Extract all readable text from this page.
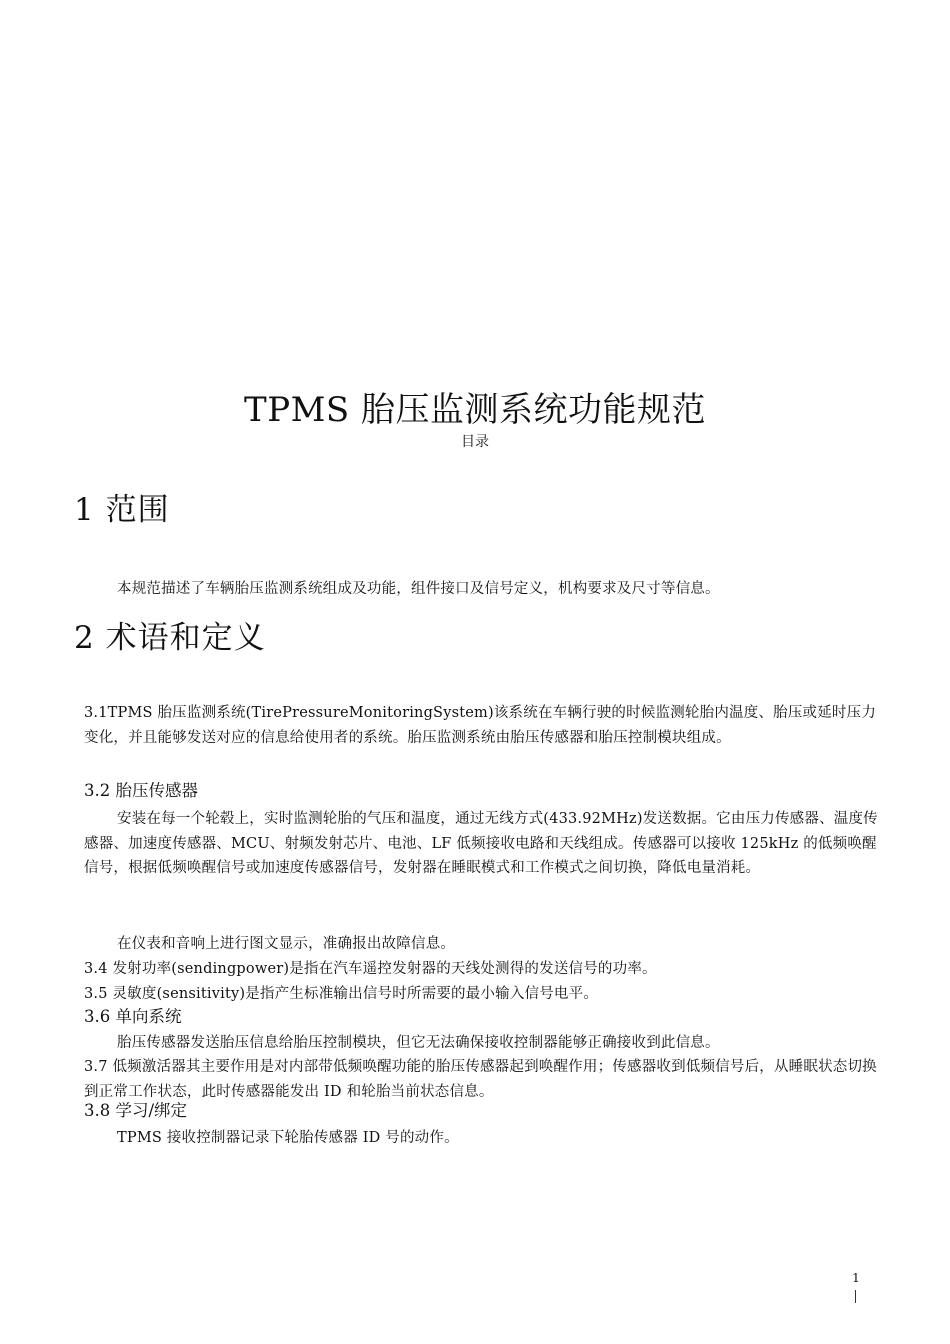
TPMS 胎压监测系统功能规范
目录
1 范围
本规范描述了车辆胎压监测系统组成及功能，组件接口及信号定义，机构要求及尺寸等信息。
2 术语和定义
3.1TPMS 胎压监测系统(TirePressureMonitoringSystem)该系统在车辆行驶的时候监测轮胎内温度、胎压或延时压力变化，并且能够发送对应的信息给使用者的系统。胎压监测系统由胎压传感器和胎压控制模块组成。
3.2 胎压传感器
安装在每一个轮毂上，实时监测轮胎的气压和温度，通过无线方式(433.92MHz)发送数据。它由压力传感器、温度传感器、加速度传感器、MCU、射频发射芯片、电池、LF 低频接收电路和天线组成。传感器可以接收 125kHz 的低频唤醒信号，根据低频唤醒信号或加速度传感器信号，发射器在睡眠模式和工作模式之间切换，降低电量消耗。
在仪表和音响上进行图文显示，准确报出故障信息。
3.4 发射功率(sendingpower)是指在汽车遥控发射器的天线处测得的发送信号的功率。
3.5 灵敏度(sensitivity)是指产生标准输出信号时所需要的最小输入信号电平。
3.6 单向系统
胎压传感器发送胎压信息给胎压控制模块，但它无法确保接收控制器能够正确接收到此信息。
3.7 低频激活器其主要作用是对内部带低频唤醒功能的胎压传感器起到唤醒作用；传感器收到低频信号后，从睡眠状态切换到正常工作状态，此时传感器能发出 ID 和轮胎当前状态信息。
3.8 学习/绑定
TPMS 接收控制器记录下轮胎传感器 ID 号的动作。
1
